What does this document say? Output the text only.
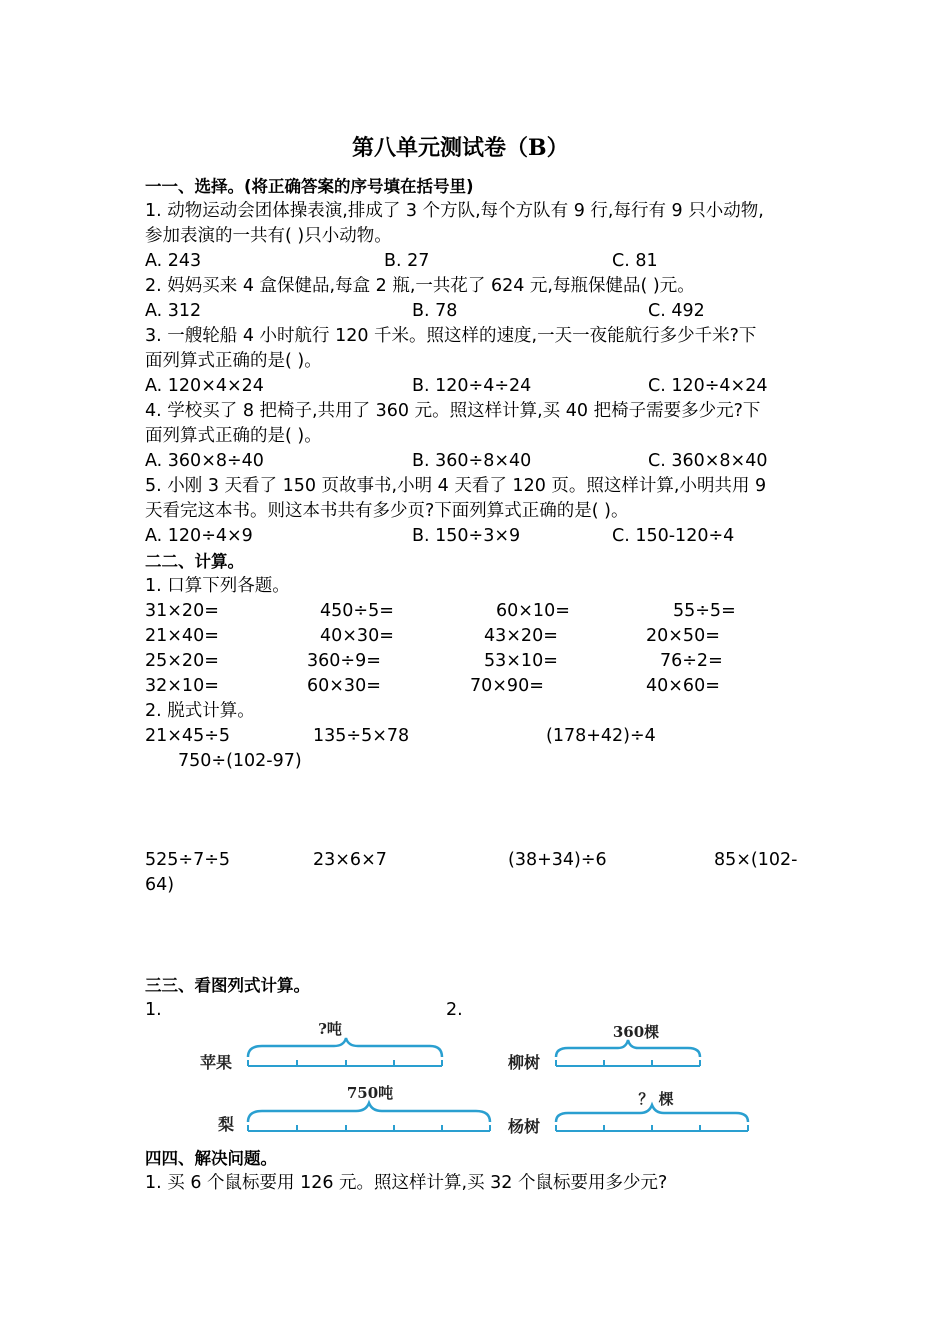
第八单元测试卷（B）
一一、选择。(将正确答案的序号填在括号里)
1. 动物运动会团体操表演,排成了 3 个方队,每个方队有 9 行,每行有 9 只小动物,
参加表演的一共有( )只小动物。
A. 243	B. 27	C. 81
2. 妈妈买来 4 盒保健品,每盒 2 瓶,一共花了 624 元,每瓶保健品( )元。
A. 312	B. 78	C. 492
3. 一艘轮船 4 小时航行 120 千米。照这样的速度,一天一夜能航行多少千米?下
面列算式正确的是( )。
A. 120×4×24	B. 120÷4÷24	C. 120÷4×24
4. 学校买了 8 把椅子,共用了 360 元。照这样计算,买 40 把椅子需要多少元?下
面列算式正确的是( )。
A. 360×8÷40	B. 360÷8×40	C. 360×8×40
5. 小刚 3 天看了 150 页故事书,小明 4 天看了 120 页。照这样计算,小明共用 9
天看完这本书。则这本书共有多少页?下面列算式正确的是( )。
A. 120÷4×9	B. 150÷3×9	C. 150-120÷4
二二、计算。
1. 口算下列各题。
31×20=	450÷5=	60×10=	55÷5=
21×40=	40×30=	43×20=	20×50=
25×20=	360÷9=	53×10=	76÷2=
32×10=	60×30=	70×90=	40×60=
2. 脱式计算。
21×45÷5	135÷5×78	(178+42)÷4
750÷(102-97)
525÷7÷5	23×6×7	(38+34)÷6	85×(102-
64)
三三、看图列式计算。
1.	2.
苹果
梨
?吨
750吨
柳树
杨树
360棵
？ 棵
四四、解决问题。
1. 买 6 个鼠标要用 126 元。照这样计算,买 32 个鼠标要用多少元?
